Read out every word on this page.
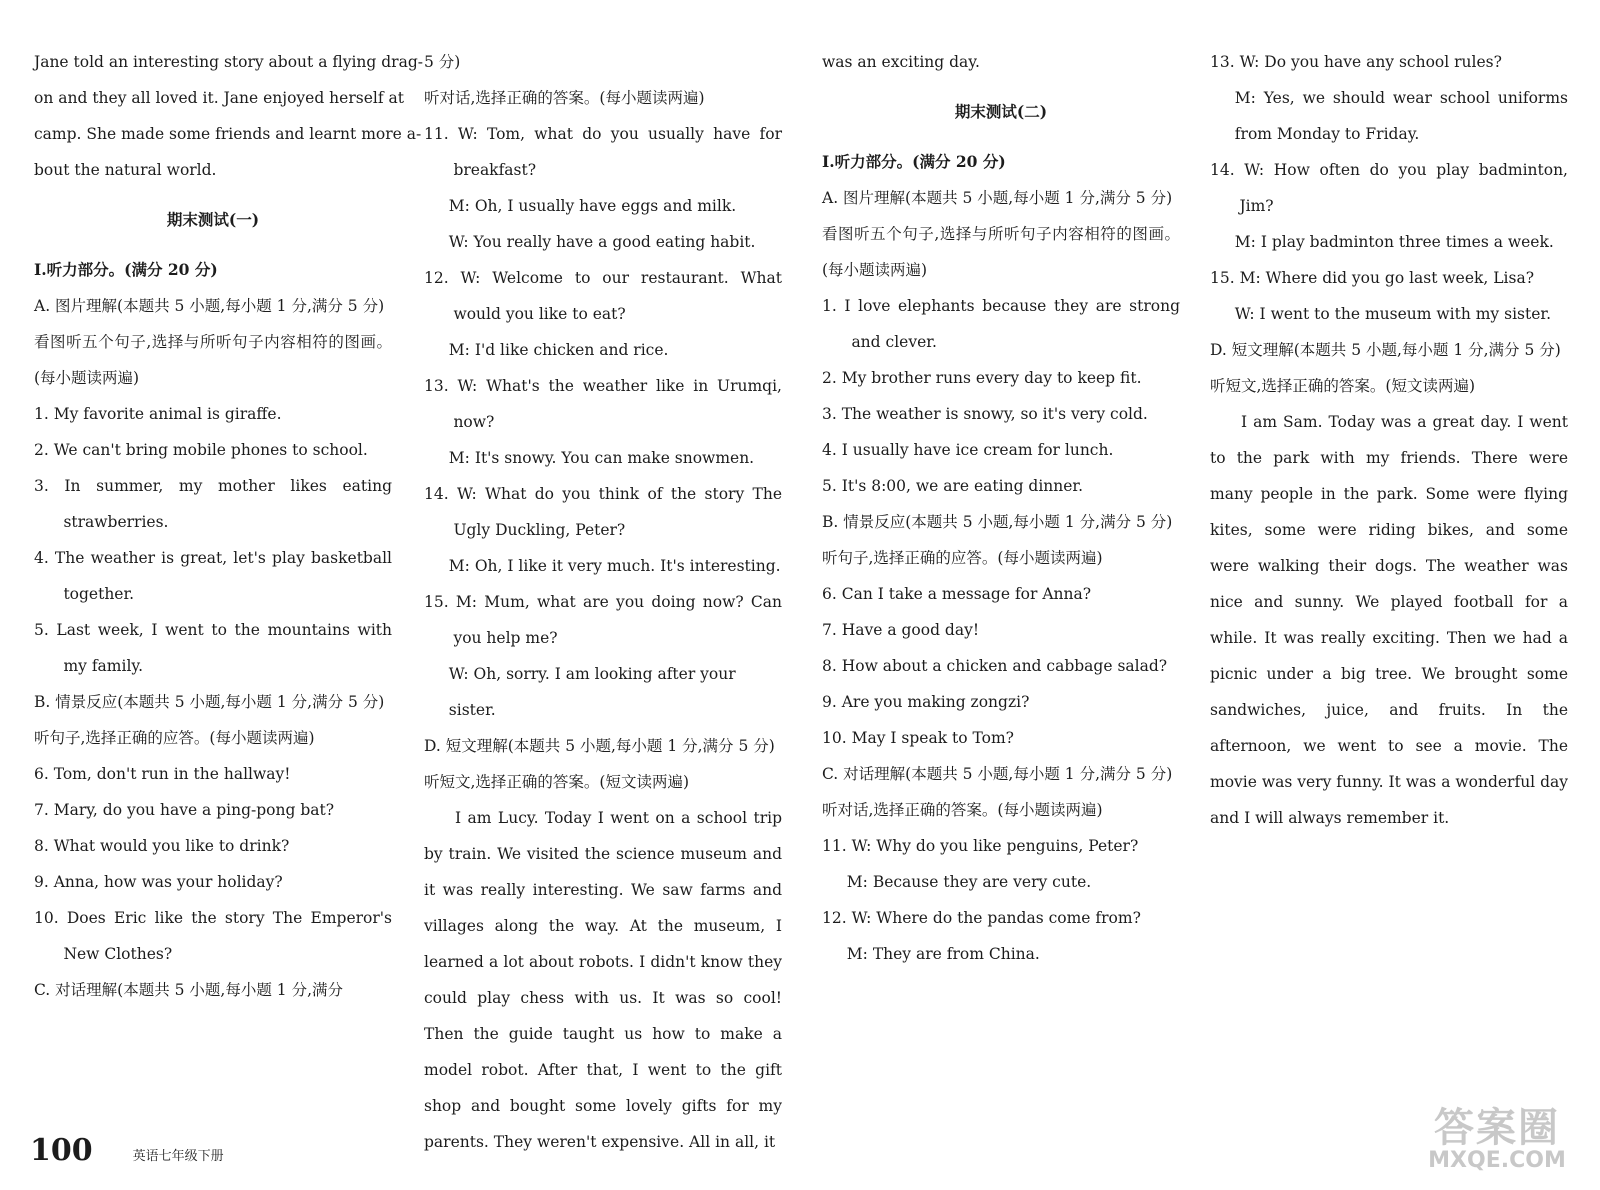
Jane told an interesting story about a flying drag-

on and they all loved it. Jane enjoyed herself at

camp. She made some friends and learnt more a-

bout the natural world.

期末测试(一)

Ⅰ.听力部分。(满分 20 分)

A. 图片理解(本题共 5 小题,每小题 1 分,满分 5 分)

看图听五个句子,选择与所听句子内容相符的图画。(每小题读两遍)

1. My favorite animal is giraffe.

2. We can't bring mobile phones to school.

3. In summer, my mother likes eating strawberries.

4. The weather is great, let's play basketball together.

5. Last week, I went to the mountains with my family.

B. 情景反应(本题共 5 小题,每小题 1 分,满分 5 分)

听句子,选择正确的应答。(每小题读两遍)

6. Tom, don't run in the hallway!

7. Mary, do you have a ping-pong bat?

8. What would you like to drink?

9. Anna, how was your holiday?

10. Does Eric like the story The Emperor's New Clothes?

C. 对话理解(本题共 5 小题,每小题 1 分,满分

5 分)

听对话,选择正确的答案。(每小题读两遍)

11. W: Tom, what do you usually have for breakfast?

M: Oh, I usually have eggs and milk.

W: You really have a good eating habit.

12. W: Welcome to our restaurant. What would you like to eat?

M: I'd like chicken and rice.

13. W: What's the weather like in Urumqi, now?

M: It's snowy. You can make snowmen.

14. W: What do you think of the story The Ugly Duckling, Peter?

M: Oh, I like it very much. It's interesting.

15. M: Mum, what are you doing now? Can you help me?

W: Oh, sorry. I am looking after your sister.

D. 短文理解(本题共 5 小题,每小题 1 分,满分 5 分)

听短文,选择正确的答案。(短文读两遍)

I am Lucy. Today I went on a school trip by train. We visited the science museum and it was really interesting. We saw farms and villages along the way. At the museum, I learned a lot about robots. I didn't know they could play chess with us. It was so cool! Then the guide taught us how to make a model robot. After that, I went to the gift shop and bought some lovely gifts for my parents. They weren't expensive. All in all, it

was an exciting day.

期末测试(二)

Ⅰ.听力部分。(满分 20 分)

A. 图片理解(本题共 5 小题,每小题 1 分,满分 5 分)

看图听五个句子,选择与所听句子内容相符的图画。(每小题读两遍)

1. I love elephants because they are strong and clever.

2. My brother runs every day to keep fit.

3. The weather is snowy, so it's very cold.

4. I usually have ice cream for lunch.

5. It's 8:00, we are eating dinner.

B. 情景反应(本题共 5 小题,每小题 1 分,满分 5 分)

听句子,选择正确的应答。(每小题读两遍)

6. Can I take a message for Anna?

7. Have a good day!

8. How about a chicken and cabbage salad?

9. Are you making zongzi?

10. May I speak to Tom?

C. 对话理解(本题共 5 小题,每小题 1 分,满分 5 分)

听对话,选择正确的答案。(每小题读两遍)

11. W: Why do you like penguins, Peter?

M: Because they are very cute.

12. W: Where do the pandas come from?

M: They are from China.

13. W: Do you have any school rules?

M: Yes, we should wear school uniforms from Monday to Friday.

14. W: How often do you play badminton, Jim?

M: I play badminton three times a week.

15. M: Where did you go last week, Lisa?

W: I went to the museum with my sister.

D. 短文理解(本题共 5 小题,每小题 1 分,满分 5 分)

听短文,选择正确的答案。(短文读两遍)

I am Sam. Today was a great day. I went to the park with my friends. There were many people in the park. Some were flying kites, some were riding bikes, and some were walking their dogs. The weather was nice and sunny. We played football for a while. It was really exciting. Then we had a picnic under a big tree. We brought some sandwiches, juice, and fruits. In the afternoon, we went to see a movie. The movie was very funny. It was a wonderful day and I will always remember it.

100	英语七年级下册
答案圈
MXQE.COM
